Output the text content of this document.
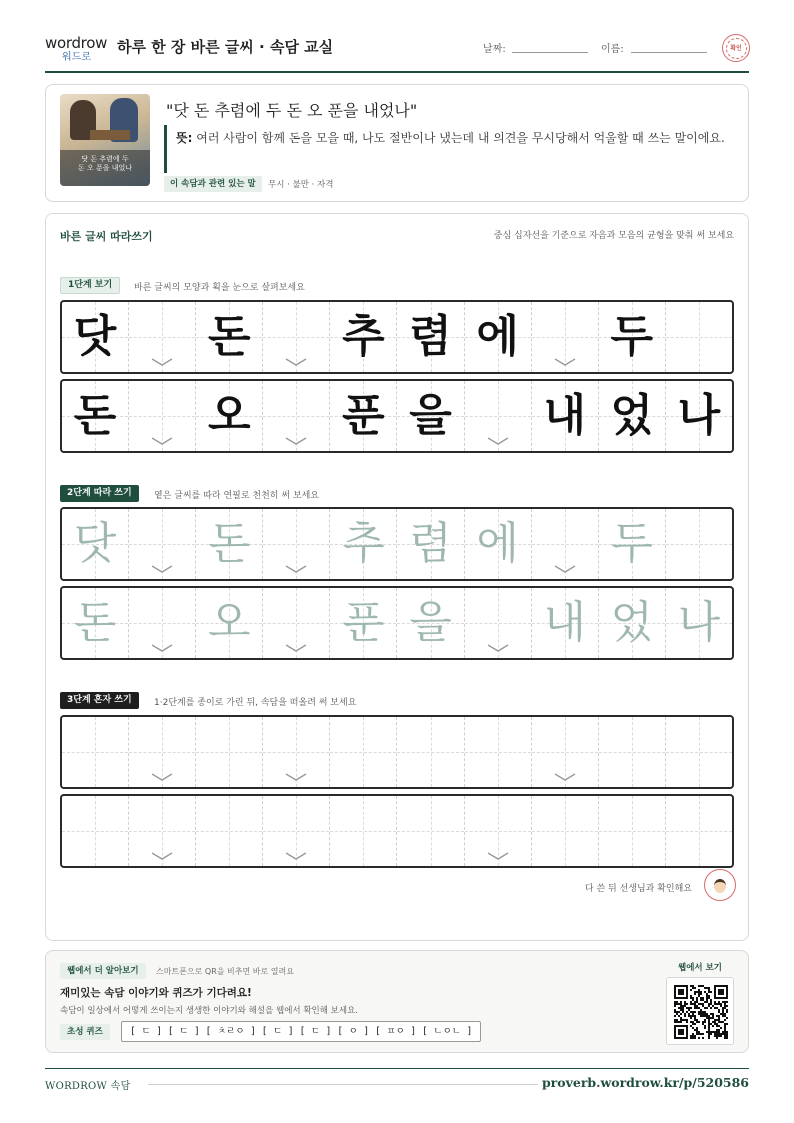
wordrow
워드로
하루 한 장 바른 글씨 · 속담 교실	날짜:	이름:	확인
닷 돈 추렴에 두
돈 오 푼을 내었나
"닷 돈 추렴에 두 돈 오 푼을 내었나"
뜻: 여러 사람이 함께 돈을 모을 때, 나도 절반이나 냈는데 내 의견을 무시당해서 억울할 때 쓰는 말이에요.
이 속담과 관련 있는 말	무시 · 불만 · 자격
바른 글씨 따라쓰기	중심 십자선을 기준으로 자음과 모음의 균형을 맞춰 써 보세요
1단계 보기	바른 글씨의 모양과 획을 눈으로 살펴보세요
닷 돈 추 렴 에 두
돈 오 푼 을 내 었 나
2단계 따라 쓰기	옅은 글씨를 따라 연필로 천천히 써 보세요
닷 돈 추 렴 에 두
돈 오 푼 을 내 었 나
3단계 혼자 쓰기	1·2단계를 종이로 가린 뒤, 속담을 떠올려 써 보세요
다 쓴 뒤 선생님과 확인해요
웹에서 더 알아보기	스마트폰으로 QR을 비추면 바로 열려요
재미있는 속담 이야기와 퀴즈가 기다려요!
속담이 일상에서 어떻게 쓰이는지 생생한 이야기와 해설을 웹에서 확인해 보세요.
초성 퀴즈	[ ㄷ ] [ ㄷ ] [ ㅊㄹㅇ ] [ ㄷ ] [ ㄷ ] [ ㅇ ] [ ㅍㅇ ] [ ㄴㅇㄴ ]
웹에서 보기
WORDROW 속담	proverb.wordrow.kr/p/520586
